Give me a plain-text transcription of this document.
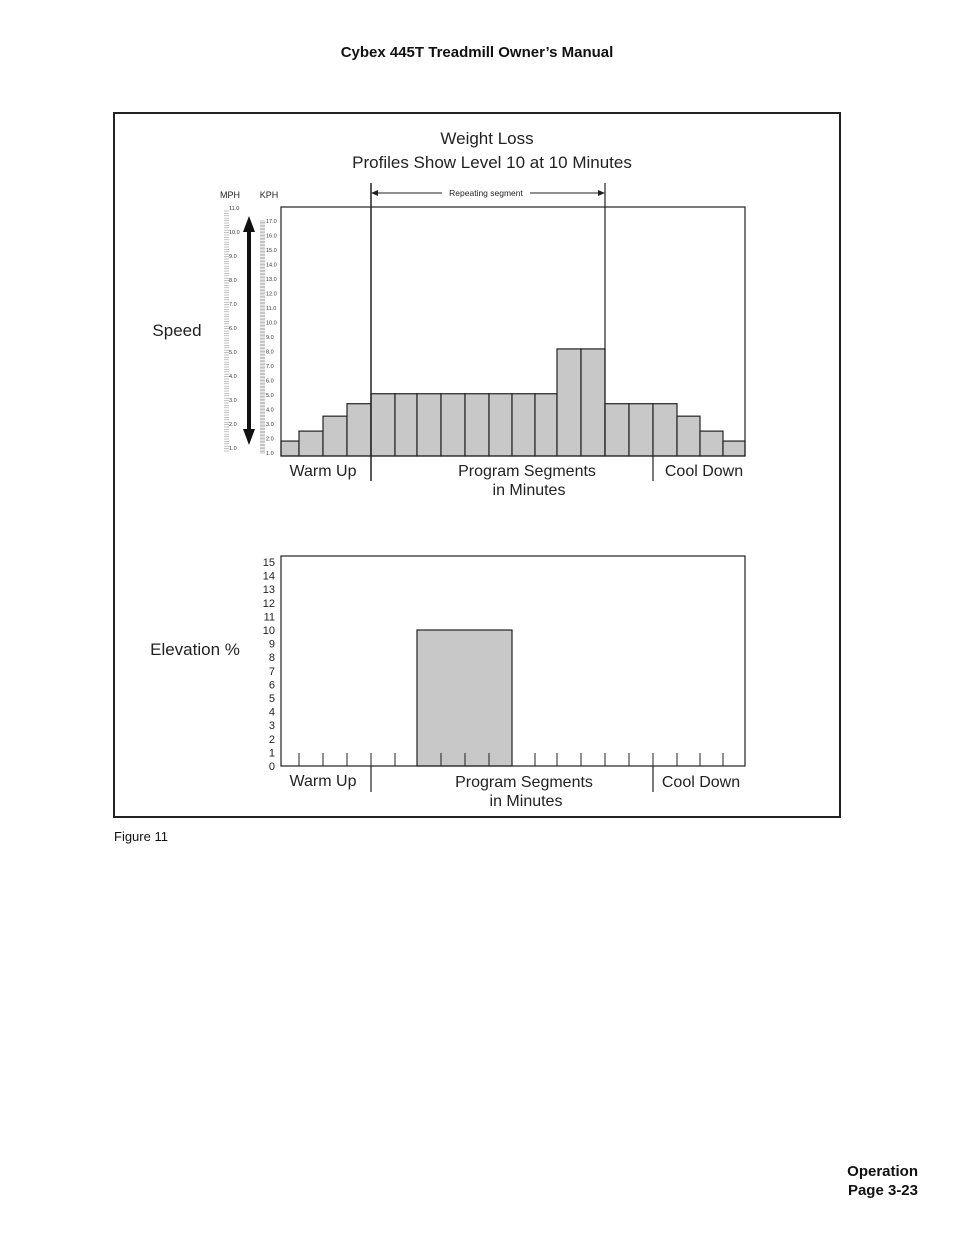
Cybex 445T Treadmill Owner’s Manual
Weight Loss
Profiles Show Level 10 at 10 Minutes
Speed
MPH KPH
1.0
2.0
3.0
4.0
5.0
6.0
7.0
8.0
9.0
10.0
11.0
1.0
2.0
3.0
4.0
5.0
6.0
7.0
8.0
9.0
10.0
11.0
12.0
13.0
14.0
15.0
16.0
17.0
Repeating segment
Warm Up	Program Segments
in Minutes
Cool Down
Elevation %
0
1
2
3
4
5
6
7
8
9
10
11
12
13
14
15
Warm Up	Program Segments
in Minutes
Cool Down
Figure 11
Operation
Page 3-23
